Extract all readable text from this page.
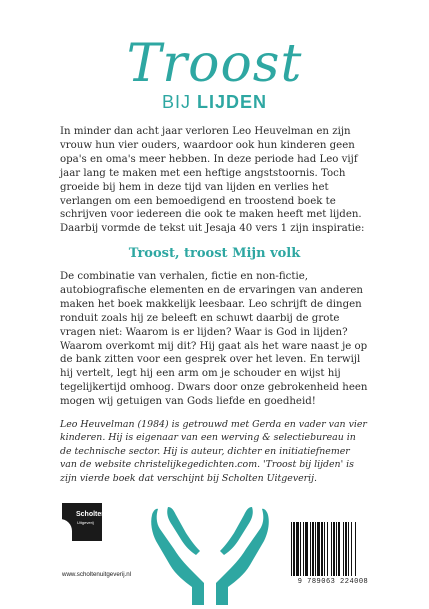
Troost
BIJ LIJDEN
In minder dan acht jaar verloren Leo Heuvelman en zijn vrouw hun vier ouders, waardoor ook hun kinderen geen opa's en oma's meer hebben. In deze periode had Leo vijf jaar lang te maken met een heftige angststoornis. Toch groeide bij hem in deze tijd van lijden en verlies het verlangen om een bemoedigend en troostend boek te schrijven voor iedereen die ook te maken heeft met lijden. Daarbij vormde de tekst uit Jesaja 40 vers 1 zijn inspiratie:
Troost, troost Mijn volk
De combinatie van verhalen, fictie en non-fictie, autobiografische elementen en de ervaringen van anderen maken het boek makkelijk leesbaar. Leo schrijft de dingen ronduit zoals hij ze beleeft en schuwt daarbij de grote vragen niet: Waarom is er lijden? Waar is God in lijden? Waarom overkomt mij dit? Hij gaat als het ware naast je op de bank zitten voor een gesprek over het leven. En terwijl hij vertelt, legt hij een arm om je schouder en wijst hij tegelijkertijd omhoog. Dwars door onze gebrokenheid heen mogen wij getuigen van Gods liefde en goedheid!
Leo Heuvelman (1984) is getrouwd met Gerda en vader van vier kinderen. Hij is eigenaar van een werving & selectiebureau in de technische sector. Hij is auteur, dichter en initiatiefnemer van de website christelijkegedichten.com. 'Troost bij lijden' is zijn vierde boek dat verschijnt bij Scholten Uitgeverij.
Scholten
Uitgeverij
www.scholtenuitgeverij.nl
9 789063 224008
